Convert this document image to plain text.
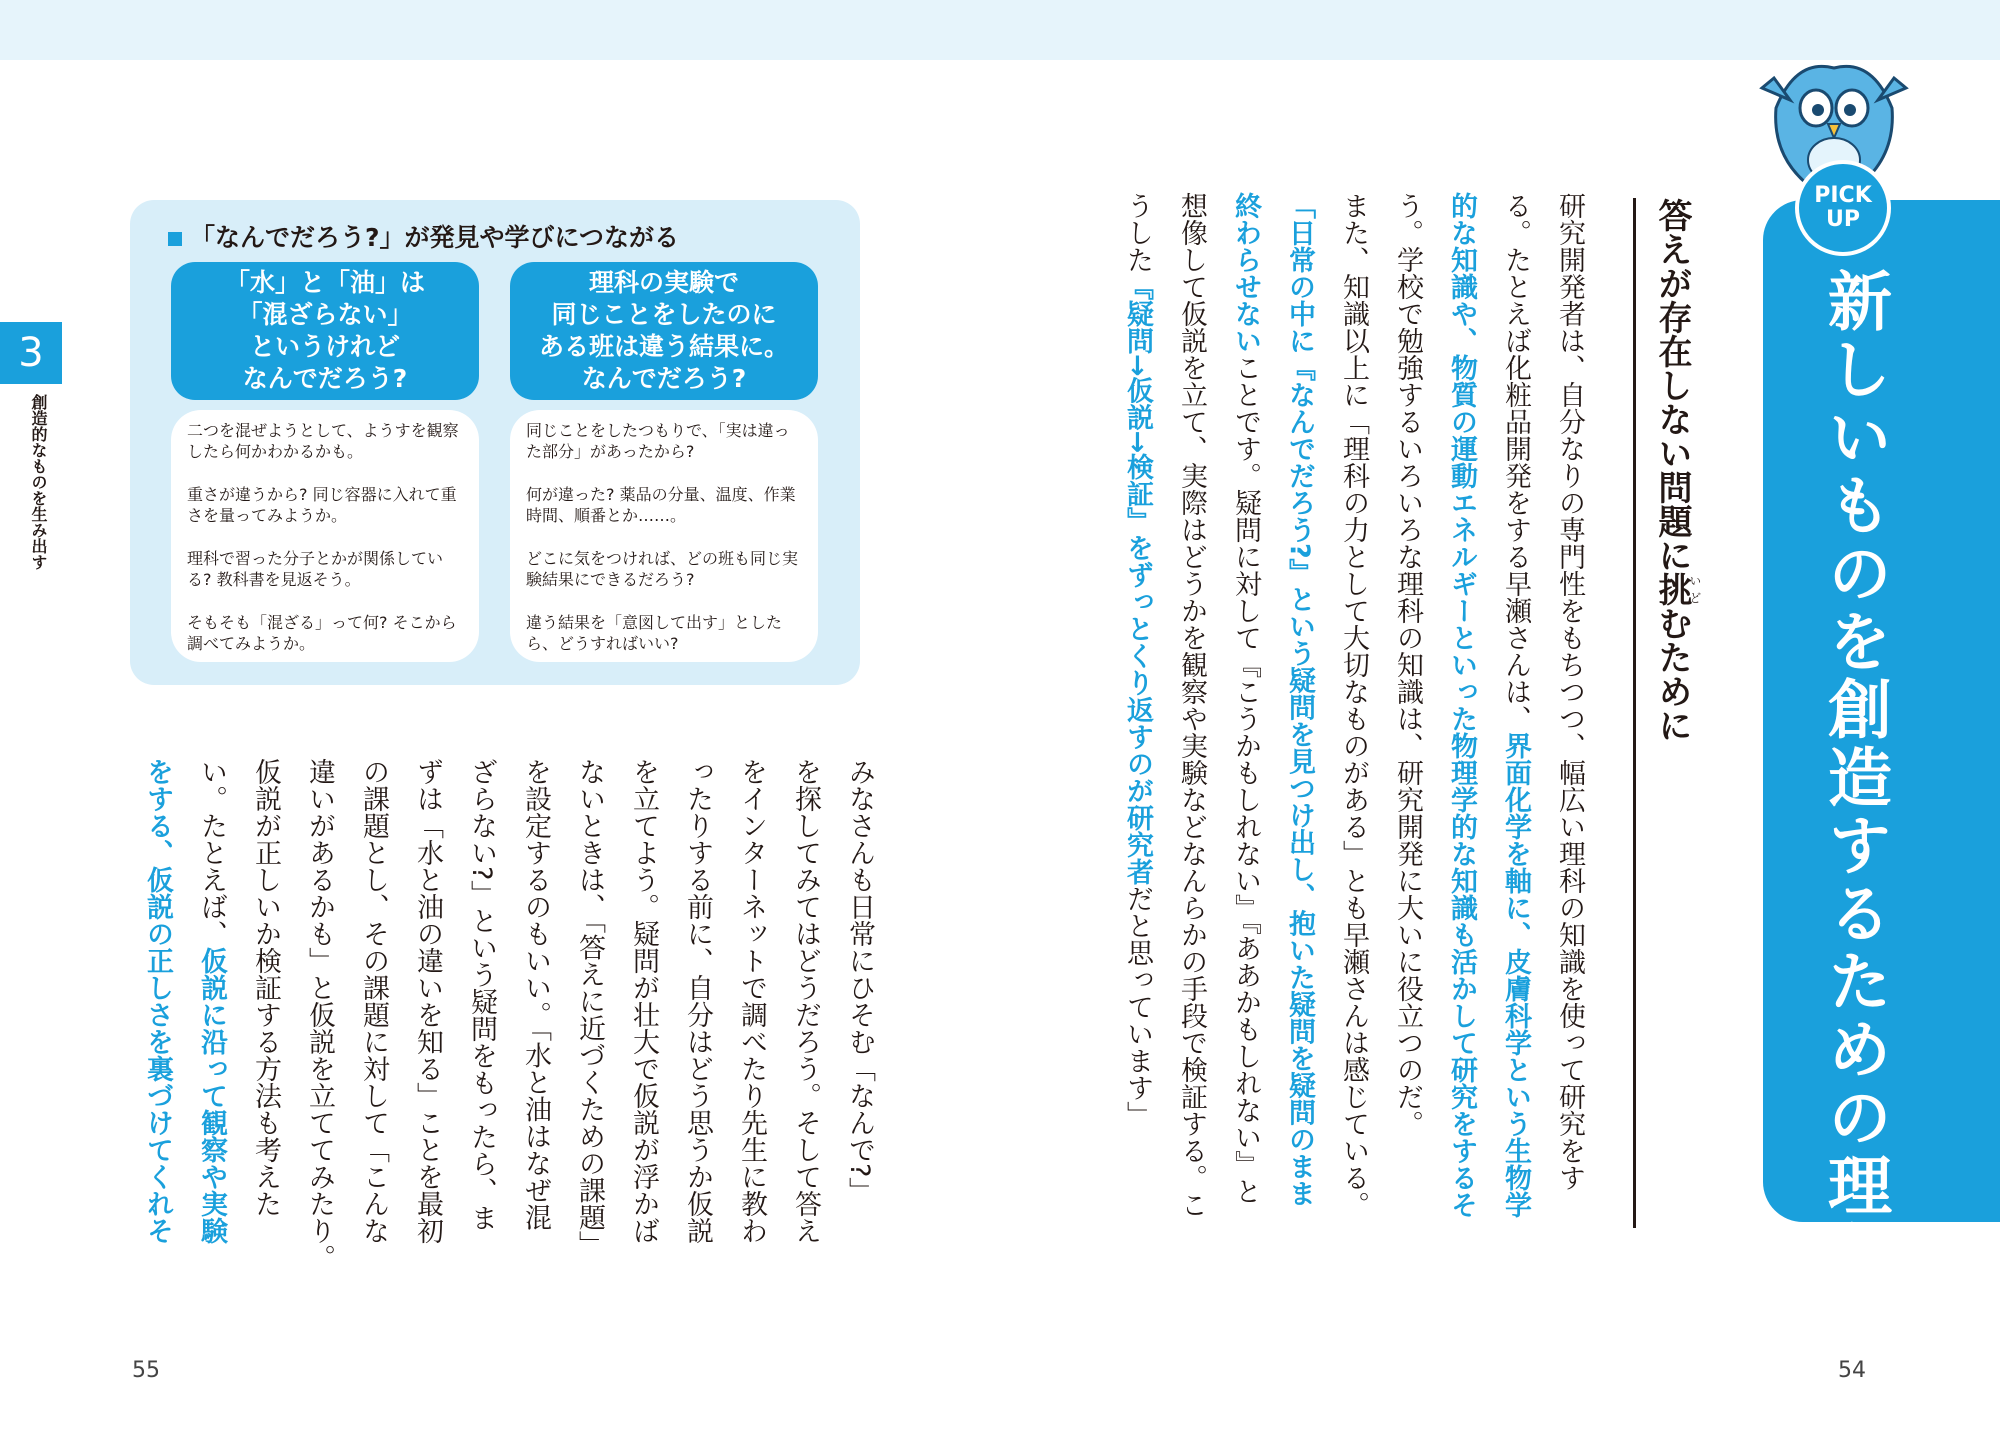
PICK
UP
新しいものを創造するための理科
答えが存在しない問題に挑いどむために
研究開発者は、自分なりの専門性をもちつつ、幅広い理科の知識を使って研究をす
る。たとえば化粧品開発をする早瀬さんは、界面化学を軸に、皮膚科学という生物学
的な知識や、物質の運動エネルギーといった物理学的な知識も活かして研究をするそ
う。学校で勉強するいろいろな理科の知識は、研究開発に大いに役立つのだ。
また、知識以上に「理科の力として大切なものがある」とも早瀬さんは感じている。
「日常の中に『なんでだろう?』という疑問を見つけ出し、抱いた疑問を疑問のまま
終わらせないことです。疑問に対して『こうかもしれない』『ああかもしれない』と
想像して仮説を立て、実際はどうかを観察や実験などなんらかの手段で検証する。こ
うした『疑問→仮説→検証』をずっとくり返すのが研究者だと思っています」
54
3
創造的なものを生み出す
「なんでだろう?」が発見や学びにつながる
「水」と「油」は
「混ざらない」
というけれど
なんでだろう?
理科の実験で
同じことをしたのに
ある班は違う結果に。
なんでだろう?

二つを混ぜようとして、ようすを観察したら何かわかるかも。

重さが違うから? 同じ容器に入れて重さを量ってみようか。

理科で習った分子とかが関係している? 教科書を見返そう。

そもそも「混ざる」って何? そこから調べてみようか。

同じことをしたつもりで、「実は違った部分」があったから?

何が違った? 薬品の分量、温度、作業時間、順番とか……。

どこに気をつければ、どの班も同じ実験結果にできるだろう?

違う結果を「意図して出す」としたら、どうすればいい?

みなさんも日常にひそむ「なんで?」
を探してみてはどうだろう。そして答え
をインターネットで調べたり先生に教わ
ったりする前に、自分はどう思うか仮説
を立てよう。疑問が壮大で仮説が浮かば
ないときは、「答えに近づくための課題」
を設定するのもいい。「水と油はなぜ混
ざらない?」という疑問をもったら、ま
ずは「水と油の違いを知る」ことを最初
の課題とし、その課題に対して「こんな
違いがあるかも」と仮説を立ててみたり。
仮説が正しいか検証する方法も考えた
い。たとえば、仮説に沿って観察や実験
をする、仮説の正しさを裏づけてくれそ
55
